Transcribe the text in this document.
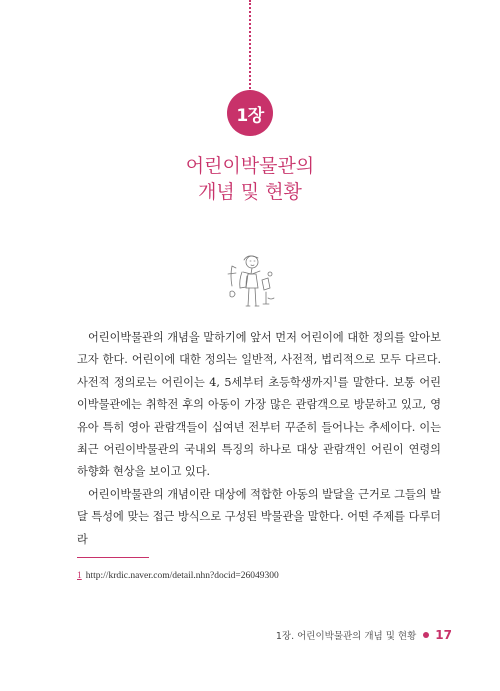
1장
어린이박물관의
개념 및 현황

어린이박물관의 개념을 말하기에 앞서 먼저 어린이에 대한 정의를 알아보고자 한다. 어린이에 대한 정의는 일반적, 사전적, 법리적으로 모두 다르다. 사전적 정의로는 어린이는 4, 5세부터 초등학생까지$^1$를 말한다. 보통 어린이박물관에는 취학전 후의 아동이 가장 많은 관람객으로 방문하고 있고, 영유아 특히 영아 관람객들이 십여년 전부터 꾸준히 들어나는 추세이다. 이는 최근 어린이박물관의 국내외 특징의 하나로 대상 관람객인 어린이 연령의 하향화 현상을 보이고 있다.

어린이박물관의 개념이란 대상에 적합한 아동의 발달을 근거로 그들의 발달 특성에 맞는 접근 방식으로 구성된 박물관을 말한다. 어떤 주제를 다루더라

1 http://krdic.naver.com/detail.nhn?docid=26049300
1장. 어린이박물관의 개념 및 현황 17
